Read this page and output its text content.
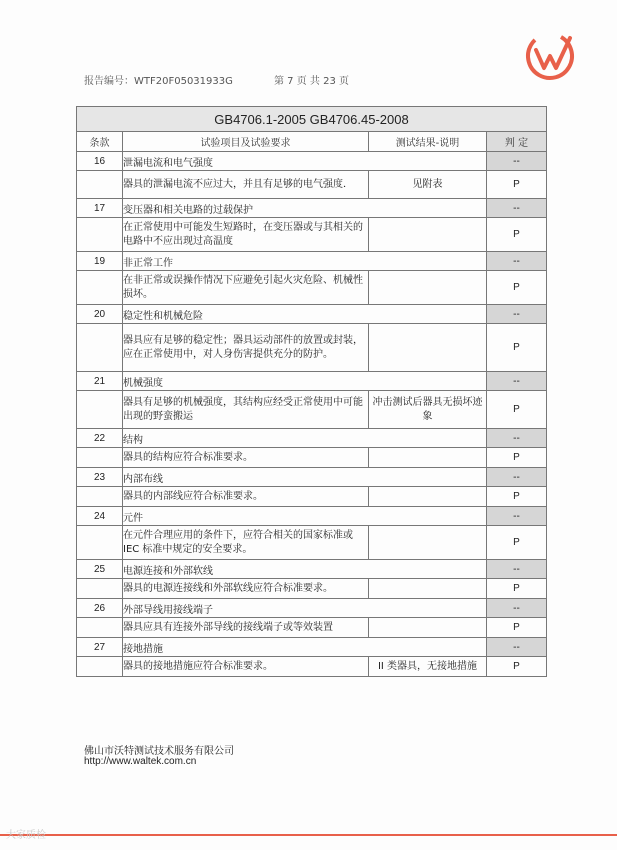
报告编号：WTF20F05031933G	第 7 页 共 23 页
GB4706.1-2005 GB4706.45-2008			
条款	试验项目及试验要求	测试结果-说明	判 定
16	泄漏电流和电气强度		--
	器具的泄漏电流不应过大，并且有足够的电气强度．	见附表	P
17	变压器和相关电路的过载保护		--
	在正常使用中可能发生短路时，在变压器或与其相关的电路中不应出现过高温度		P
19	非正常工作		--
	在非正常或误操作情况下应避免引起火灾危险、机械性损坏。		P
20	稳定性和机械危险		--
	器具应有足够的稳定性；器具运动部件的放置或封装，应在正常使用中，对人身伤害提供充分的防护。		P
21	机械强度		--
	器具有足够的机械强度，其结构应经受正常使用中可能出现的野蛮搬运	冲击测试后器具无损坏迹象	P
22	结构		--
	器具的结构应符合标准要求。		P
23	内部布线		--
	器具的内部线应符合标准要求。		P
24	元件		--
	在元件合理应用的条件下，应符合相关的国家标准或 IEC 标准中规定的安全要求。		P
25	电源连接和外部软线		--
	器具的电源连接线和外部软线应符合标准要求。		P
26	外部导线用接线端子		--
	器具应具有连接外部导线的接线端子或等效装置		P
27	接地措施		--
	器具的接地措施应符合标准要求。	II 类器具，无接地措施	P
佛山市沃特测试技术服务有限公司
http://www.waltek.com.cn
大家质检
